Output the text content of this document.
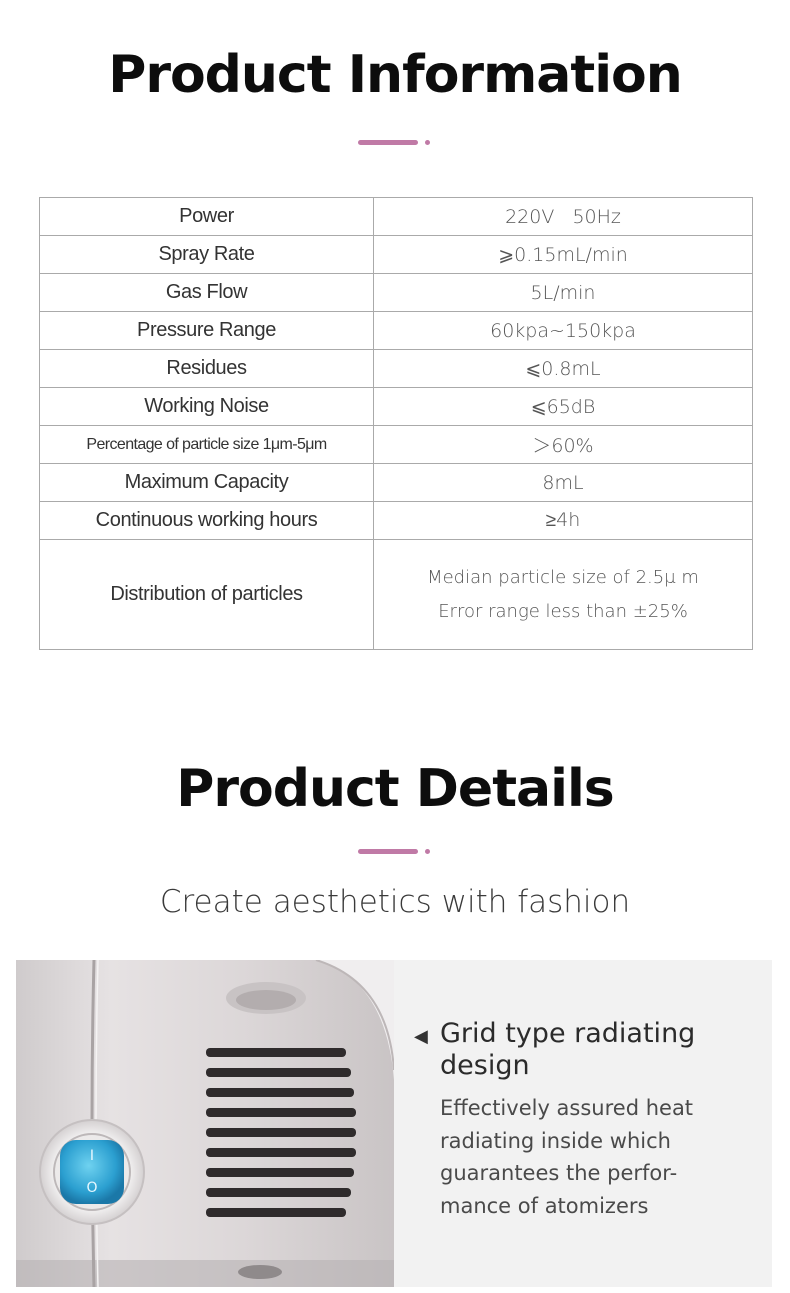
Product Information
Power	220V   50Hz
Spray Rate	⩾0.15mL/min
Gas Flow	5L/min
Pressure Range	60kpa~150kpa
Residues	⩽0.8mL
Working Noise	⩽65dB
Percentage of particle size 1μm-5μm	＞60%
Maximum Capacity	8mL
Continuous working hours	≥4h
Distribution of particles	Median particle size of 2.5μ m
Error range less than ±25%
Product Details
Create aesthetics with fashion
I
O
◀ Grid type radiating design
Effectively assured heat radiating inside which guarantees the perfor-mance of atomizers
